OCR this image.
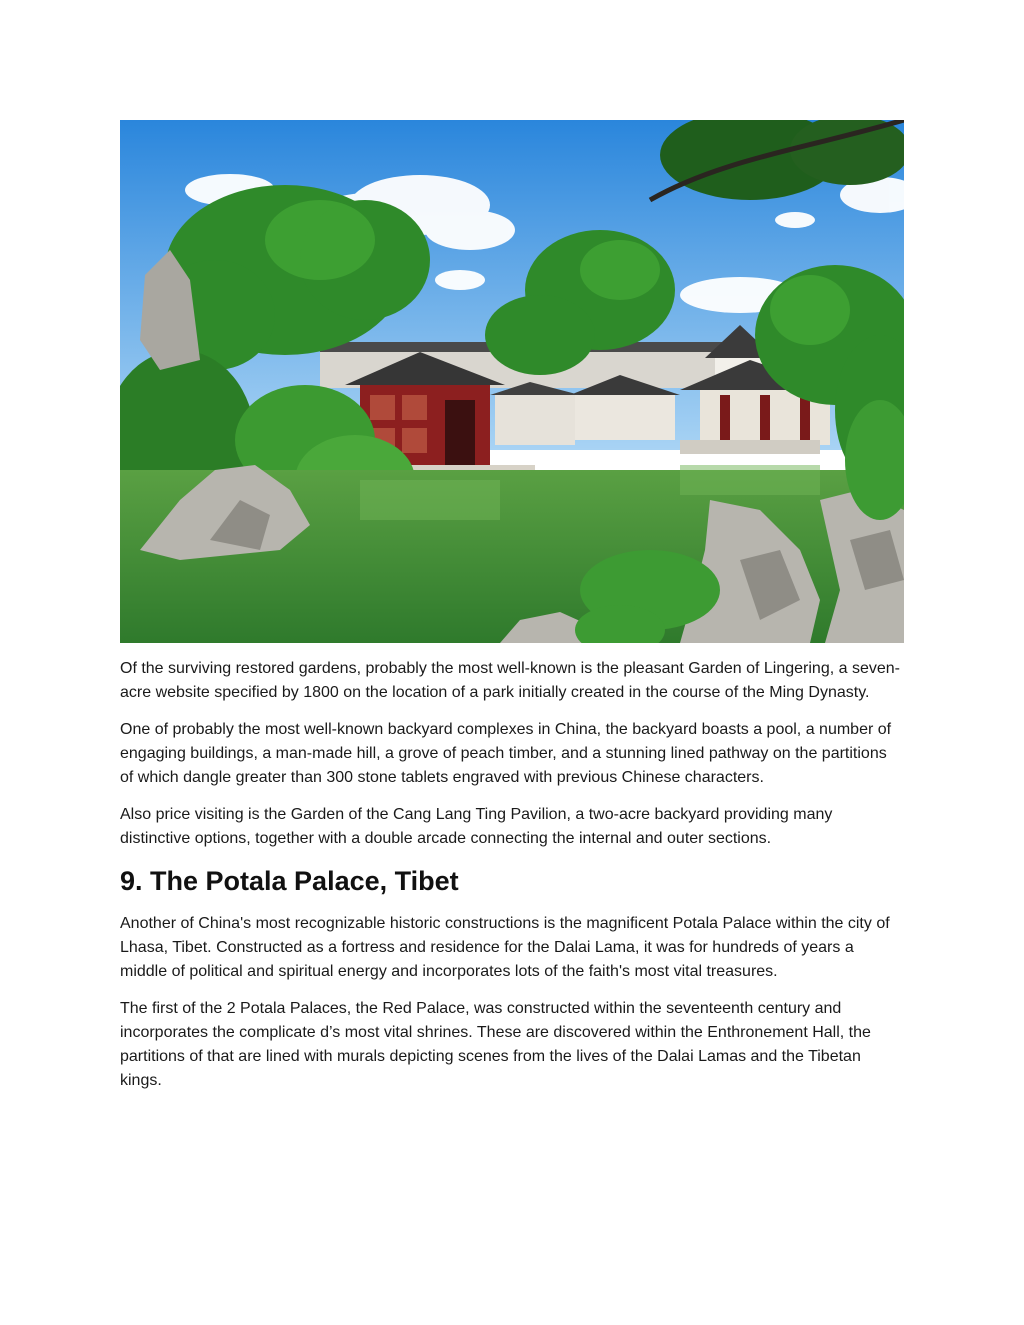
Of the surviving restored gardens, probably the most well-known is the pleasant Garden of Lingering, a seven-acre website specified by 1800 on the location of a park initially created in the course of the Ming Dynasty.

One of probably the most well-known backyard complexes in China, the backyard boasts a pool, a number of engaging buildings, a man-made hill, a grove of peach timber, and a stunning lined pathway on the partitions of which dangle greater than 300 stone tablets engraved with previous Chinese characters.

Also price visiting is the Garden of the Cang Lang Ting Pavilion, a two-acre backyard providing many distinctive options, together with a double arcade connecting the internal and outer sections.

9. The Potala Palace, Tibet

Another of China's most recognizable historic constructions is the magnificent Potala Palace within the city of Lhasa, Tibet. Constructed as a fortress and residence for the Dalai Lama, it was for hundreds of years a middle of political and spiritual energy and incorporates lots of the faith's most vital treasures.

The first of the 2 Potala Palaces, the Red Palace, was constructed within the seventeenth century and incorporates the complicate d’s most vital shrines. These are discovered within the Enthronement Hall, the partitions of that are lined with murals depicting scenes from the lives of the Dalai Lamas and the Tibetan kings.
